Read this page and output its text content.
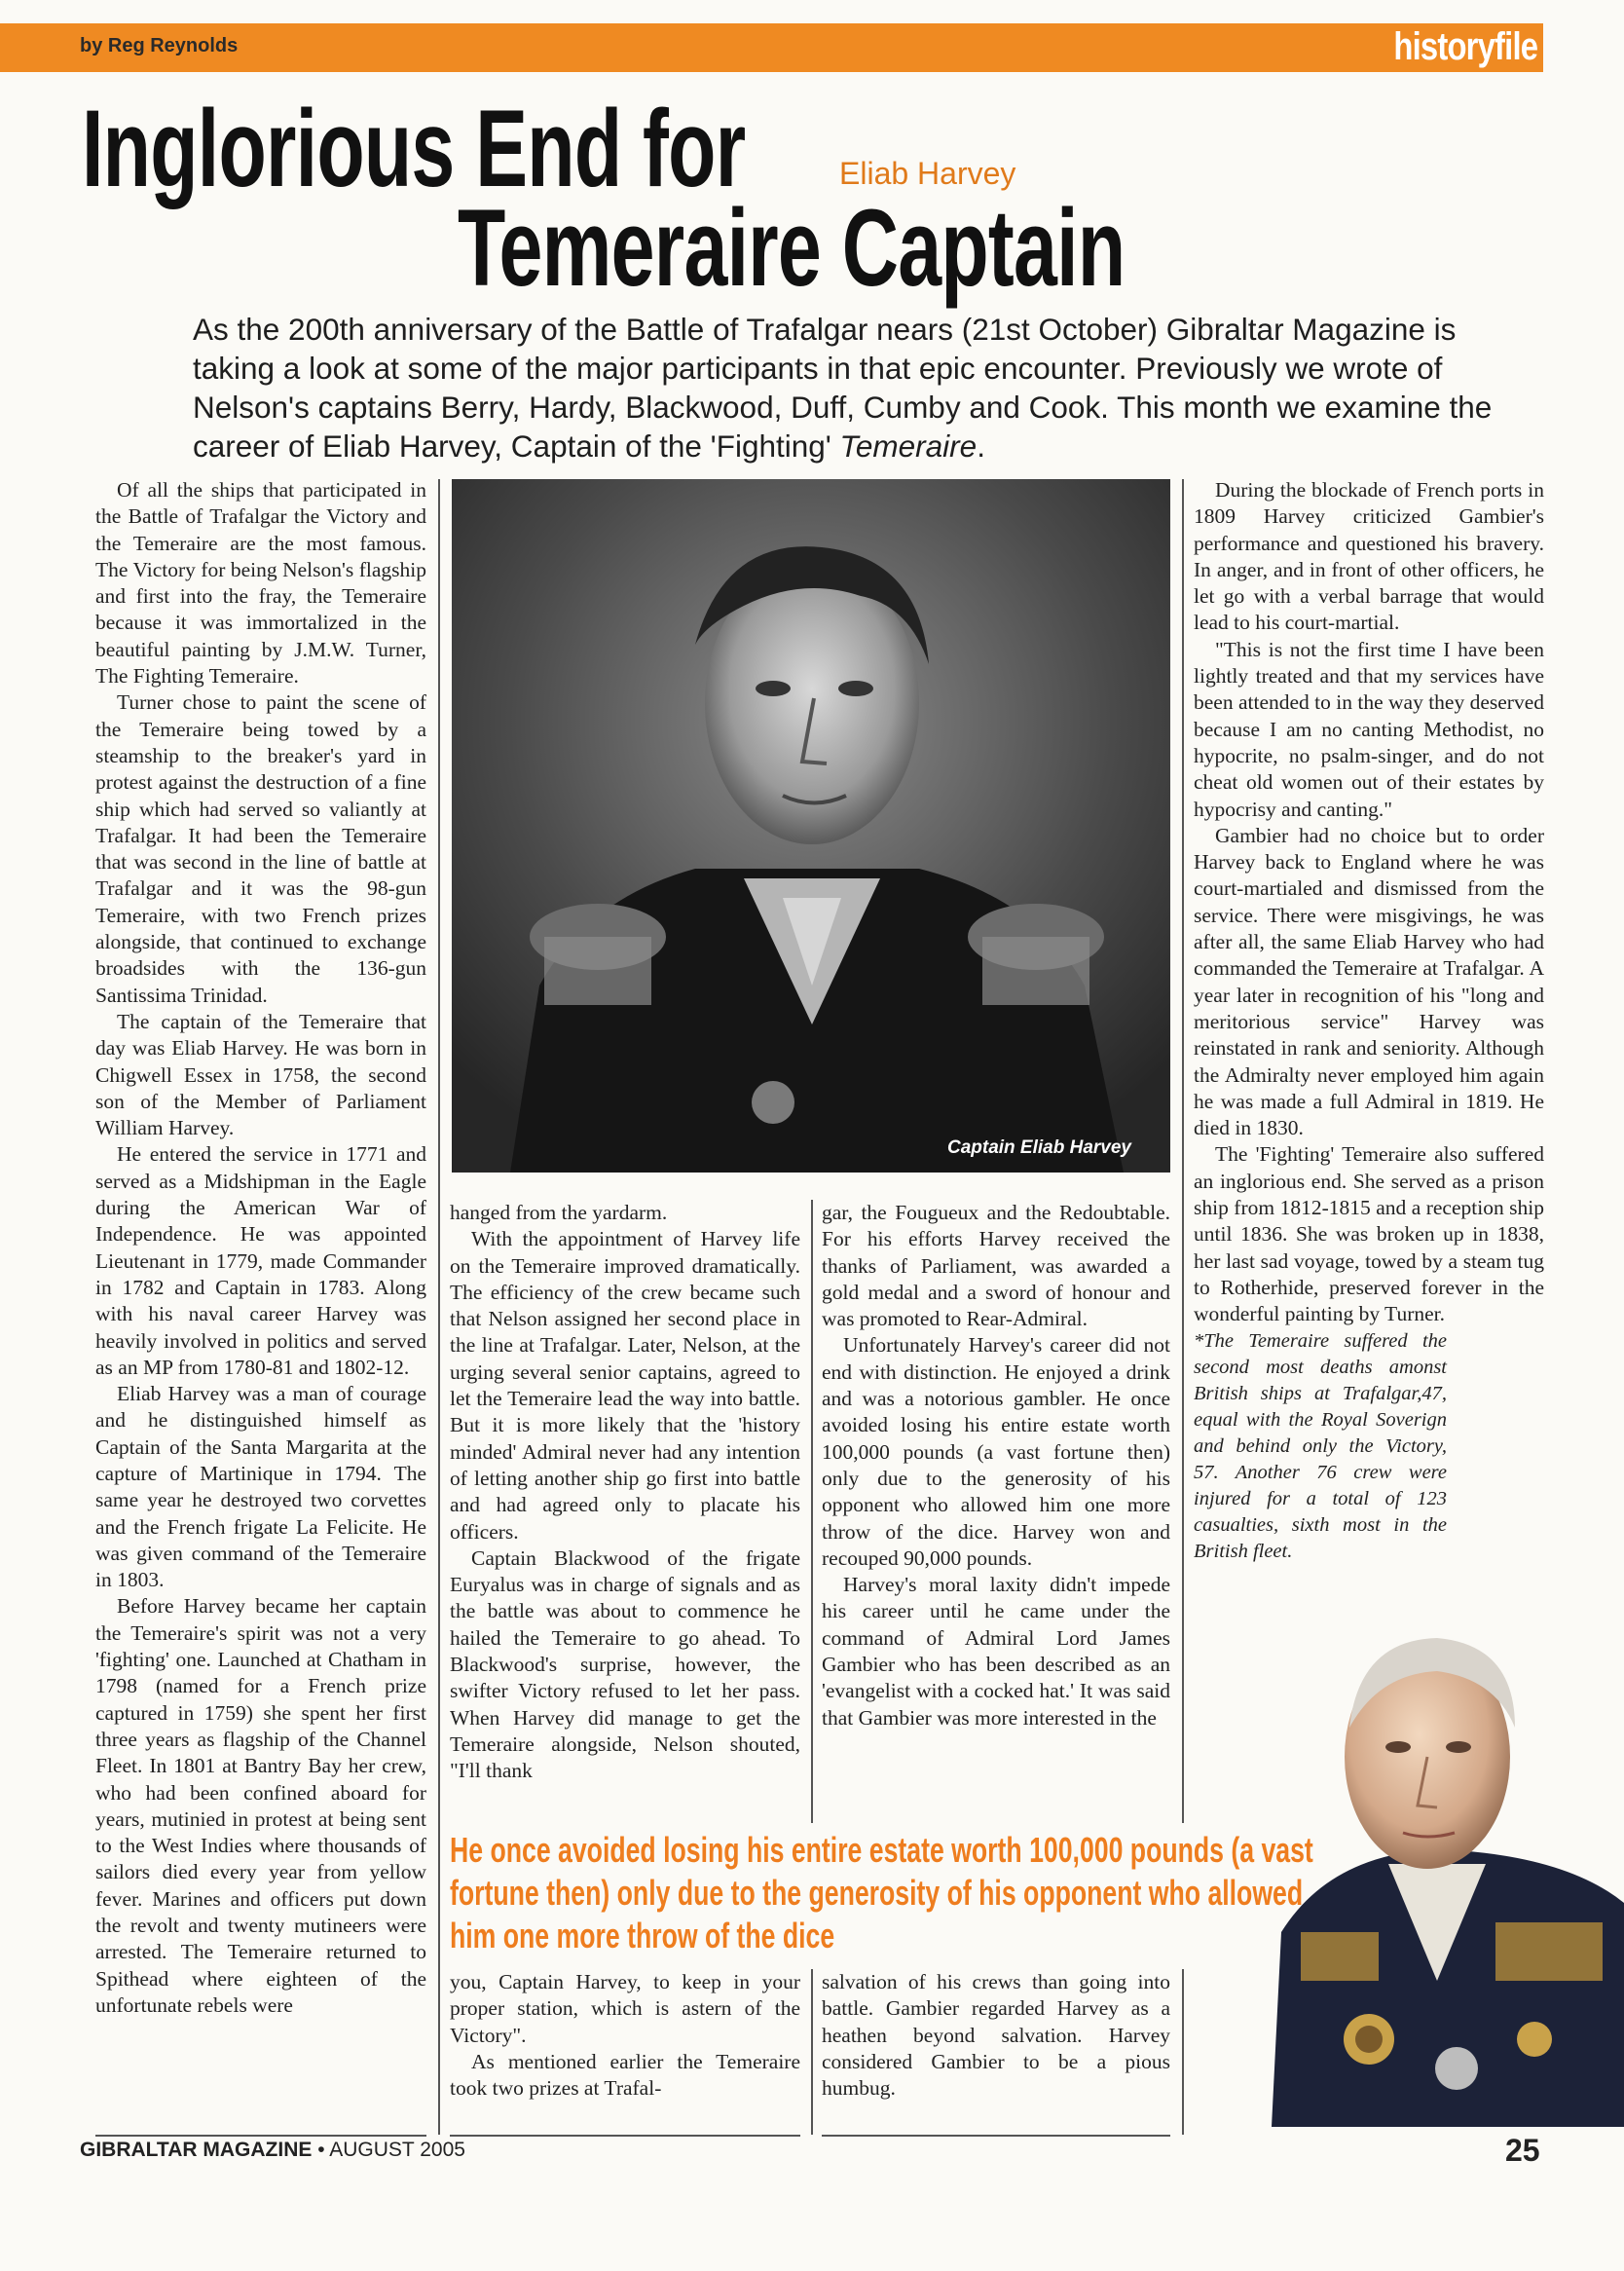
by Reg Reynolds	historyfile
Inglorious End for	Eliab Harvey
Temeraire Captain
As the 200th anniversary of the Battle of Trafalgar nears (21st October) Gibraltar Magazine is taking a look at some of the major participants in that epic encounter. Previously we wrote of Nelson's captains Berry, Hardy, Blackwood, Duff, Cumby and Cook. This month we examine the career of Eliab Harvey, Captain of the 'Fighting' Temeraire.

Of all the ships that participated in the Battle of Trafalgar the Victory and the Temeraire are the most famous. The Victory for being Nelson's flagship and first into the fray, the Temeraire because it was immortalized in the beautiful painting by J.M.W. Turner, The Fighting Temeraire.

Turner chose to paint the scene of the Temeraire being towed by a steamship to the breaker's yard in protest against the destruction of a fine ship which had served so valiantly at Trafalgar. It had been the Temeraire that was second in the line of battle at Trafalgar and it was the 98-gun Temeraire, with two French prizes alongside, that continued to exchange broadsides with the 136-gun Santissima Trinidad.

The captain of the Temeraire that day was Eliab Harvey. He was born in Chigwell Essex in 1758, the second son of the Member of Parliament William Harvey.

He entered the service in 1771 and served as a Midshipman in the Eagle during the American War of Independence. He was appointed Lieutenant in 1779, made Commander in 1782 and Captain in 1783. Along with his naval career Harvey was heavily involved in politics and served as an MP from 1780-81 and 1802-12.

Eliab Harvey was a man of courage and he distinguished himself as Captain of the Santa Margarita at the capture of Martinique in 1794. The same year he destroyed two corvettes and the French frigate La Felicite. He was given command of the Temeraire in 1803.

Before Harvey became her captain the Temeraire's spirit was not a very 'fighting' one. Launched at Chatham in 1798 (named for a French prize captured in 1759) she spent her first three years as flagship of the Channel Fleet. In 1801 at Bantry Bay her crew, who had been confined aboard for years, mutinied in protest at being sent to the West Indies where thousands of sailors died every year from yellow fever. Marines and officers put down the revolt and twenty mutineers were arrested. The Temeraire returned to Spithead where eighteen of the unfortunate rebels were

Captain Eliab Harvey

hanged from the yardarm.

With the appointment of Harvey life on the Temeraire improved dramatically. The efficiency of the crew became such that Nelson assigned her second place in the line at Trafalgar. Later, Nelson, at the urging several senior captains, agreed to let the Temeraire lead the way into battle. But it is more likely that the 'history minded' Admiral never had any intention of letting another ship go first into battle and had agreed only to placate his officers.

Captain Blackwood of the frigate Euryalus was in charge of signals and as the battle was about to commence he hailed the Temeraire to go ahead. To Blackwood's surprise, however, the swifter Victory refused to let her pass. When Harvey did manage to get the Temeraire alongside, Nelson shouted, "I'll thank

gar, the Fougueux and the Redoubtable. For his efforts Harvey received the thanks of Parliament, was awarded a gold medal and a sword of honour and was promoted to Rear-Admiral.

Unfortunately Harvey's career did not end with distinction. He enjoyed a drink and was a notorious gambler. He once avoided losing his entire estate worth 100,000 pounds (a vast fortune then) only due to the generosity of his opponent who allowed him one more throw of the dice. Harvey won and recouped 90,000 pounds.

Harvey's moral laxity didn't impede his career until he came under the command of Admiral Lord James Gambier who has been described as an 'evangelist with a cocked hat.' It was said that Gambier was more interested in the

He once avoided losing his entire estate worth 100,000 pounds (a vast fortune then) only due to the generosity of his opponent who allowed him one more throw of the dice

you, Captain Harvey, to keep in your proper station, which is astern of the Victory".

As mentioned earlier the Temeraire took two prizes at Trafal-

salvation of his crews than going into battle. Gambier regarded Harvey as a heathen beyond salvation. Harvey considered Gambier to be a pious humbug.

During the blockade of French ports in 1809 Harvey criticized Gambier's performance and questioned his bravery. In anger, and in front of other officers, he let go with a verbal barrage that would lead to his court-martial.

"This is not the first time I have been lightly treated and that my services have been attended to in the way they deserved because I am no canting Methodist, no hypocrite, no psalm-singer, and do not cheat old women out of their estates by hypocrisy and canting."

Gambier had no choice but to order Harvey back to England where he was court-martialed and dismissed from the service. There were misgivings, he was after all, the same Eliab Harvey who had commanded the Temeraire at Trafalgar. A year later in recognition of his "long and meritorious service" Harvey was reinstated in rank and seniority. Although the Admiralty never employed him again he was made a full Admiral in 1819. He died in 1830.

The 'Fighting' Temeraire also suffered an inglorious end. She served as a prison ship from 1812-1815 and a reception ship until 1836. She was broken up in 1838, her last sad voyage, towed by a steam tug to Rotherhide, preserved forever in the wonderful painting by Turner.

*The Temeraire suffered the second most deaths amonst British ships at Trafalgar,47, equal with the Royal Soverign and behind only the Victory, 57. Another 76 crew were injured for a total of 123 casualties, sixth most in the British fleet.

GIBRALTAR MAGAZINE • AUGUST 2005	25
